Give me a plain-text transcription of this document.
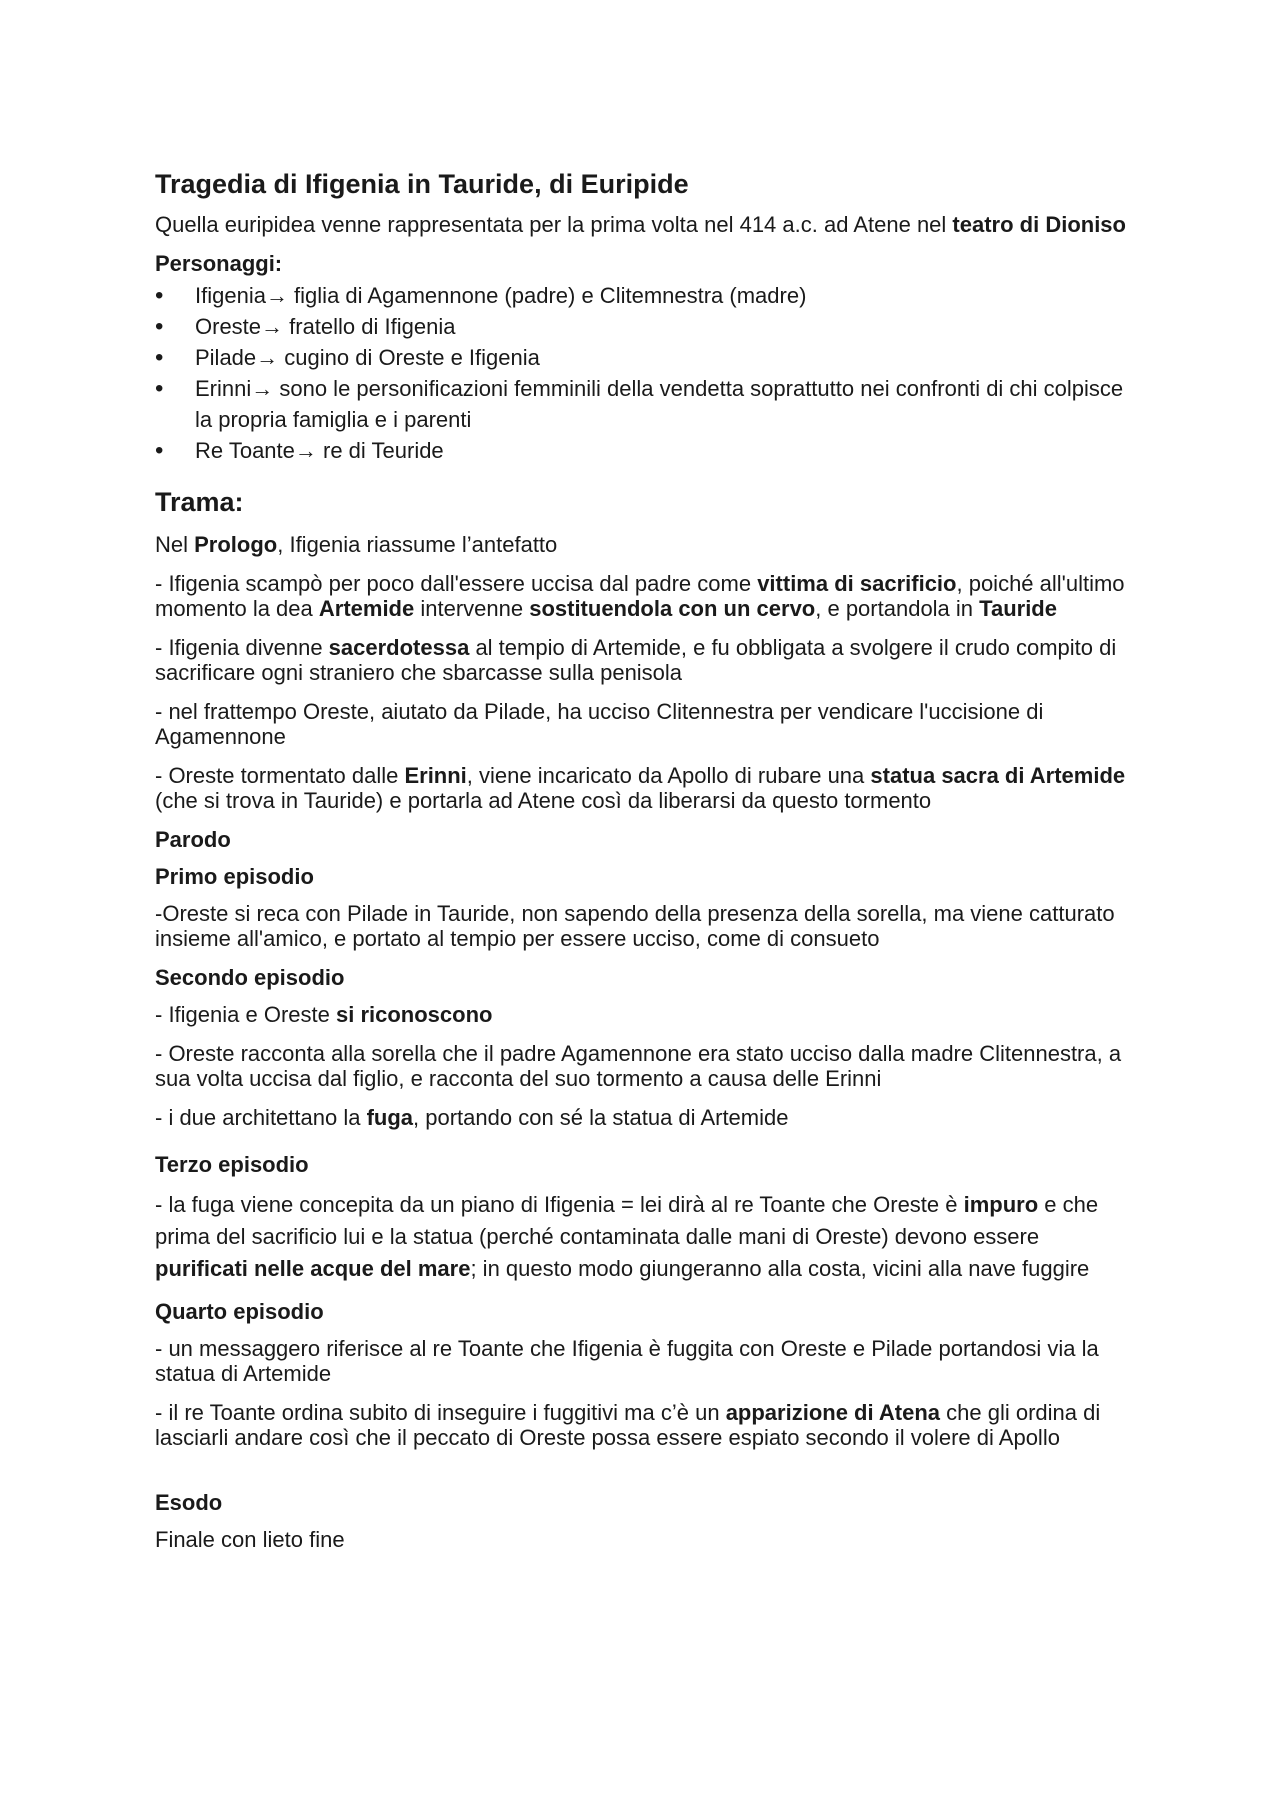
Tragedia di Ifigenia in Tauride, di Euripide

Quella euripidea venne rappresentata per la prima volta nel 414 a.c. ad Atene nel teatro di Dioniso

Personaggi:
• Ifigenia→ figlia di Agamennone (padre) e Clitemnestra (madre)
• Oreste→ fratello di Ifigenia
• Pilade→ cugino di Oreste e Ifigenia
• Erinni→ sono le personificazioni femminili della vendetta soprattutto nei confronti di chi colpisce la propria famiglia e i parenti
• Re Toante→ re di Teuride
Trama:

Nel Prologo, Ifigenia riassume l’antefatto

- Ifigenia scampò per poco dall'essere uccisa dal padre come vittima di sacrificio, poiché all'ultimo momento la dea Artemide intervenne sostituendola con un cervo, e portandola in Tauride

- Ifigenia divenne sacerdotessa al tempio di Artemide, e fu obbligata a svolgere il crudo compito di sacrificare ogni straniero che sbarcasse sulla penisola

- nel frattempo Oreste, aiutato da Pilade, ha ucciso Clitennestra per vendicare l'uccisione di Agamennone

- Oreste tormentato dalle Erinni, viene incaricato da Apollo di rubare una statua sacra di Artemide (che si trova in Tauride) e portarla ad Atene così da liberarsi da questo tormento

Parodo
Primo episodio

-Oreste si reca con Pilade in Tauride, non sapendo della presenza della sorella, ma viene catturato insieme all'amico, e portato al tempio per essere ucciso, come di consueto

Secondo episodio

- Ifigenia e Oreste si riconoscono

- Oreste racconta alla sorella che il padre Agamennone era stato ucciso dalla madre Clitennestra, a sua volta uccisa dal figlio, e racconta del suo tormento a causa delle Erinni

- i due architettano la fuga, portando con sé la statua di Artemide

Terzo episodio

- la fuga viene concepita da un piano di Ifigenia = lei dirà al re Toante che Oreste è impuro e che prima del sacrificio lui e la statua (perché contaminata dalle mani di Oreste) devono essere purificati nelle acque del mare; in questo modo giungeranno alla costa, vicini alla nave fuggire

Quarto episodio

- un messaggero riferisce al re Toante che Ifigenia è fuggita con Oreste e Pilade portandosi via la statua di Artemide

- il re Toante ordina subito di inseguire i fuggitivi ma c’è un apparizione di Atena che gli ordina di lasciarli andare così che il peccato di Oreste possa essere espiato secondo il volere di Apollo

Esodo

Finale con lieto fine
